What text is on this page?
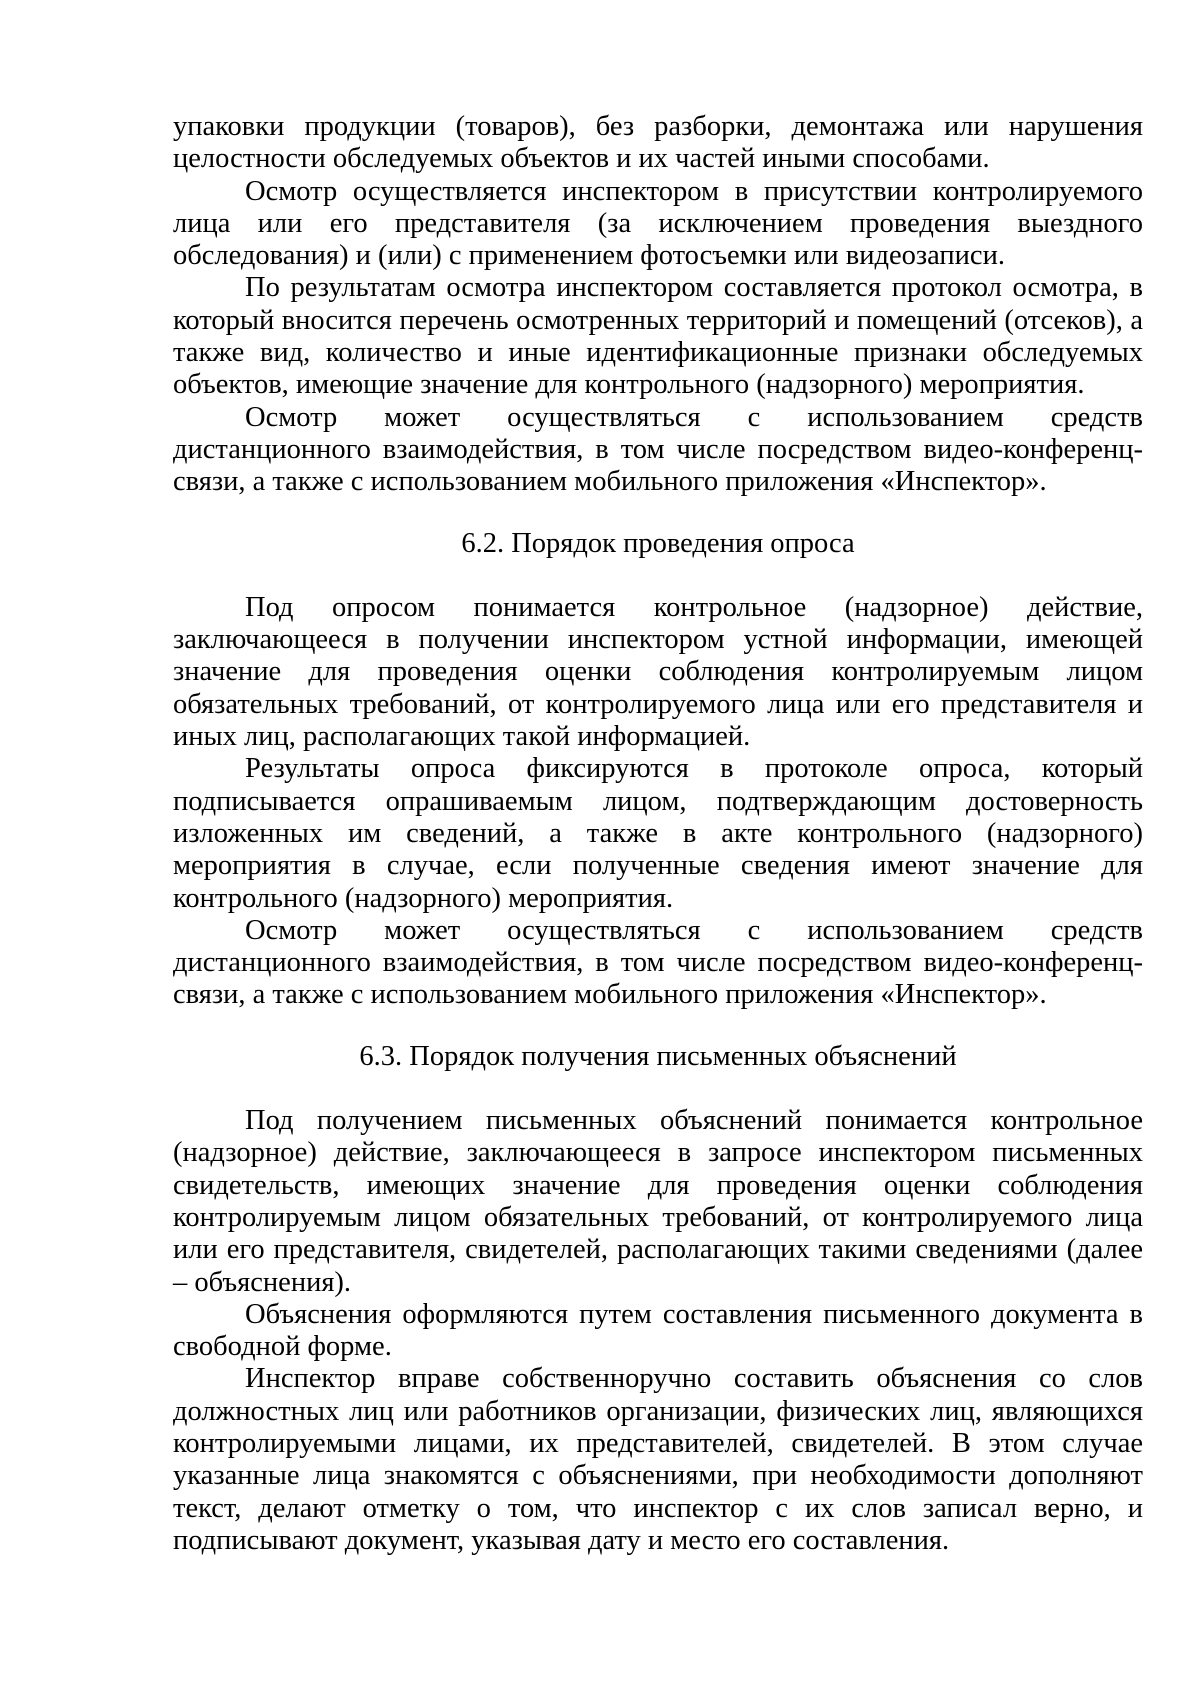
упаковки продукции (товаров), без разборки, демонтажа или нарушения целостности обследуемых объектов и их частей иными способами.

Осмотр осуществляется инспектором в присутствии контролируемого лица или его представителя (за исключением проведения выездного обследования) и (или) с применением фотосъемки или видеозаписи.

По результатам осмотра инспектором составляется протокол осмотра, в который вносится перечень осмотренных территорий и помещений (отсеков), а также вид, количество и иные идентификационные признаки обследуемых объектов, имеющие значение для контрольного (надзорного) мероприятия.

Осмотр может осуществляться с использованием средств дистанционного взаимодействия, в том числе посредством видео-конференц-связи, а также с использованием мобильного приложения «Инспектор».

6.2. Порядок проведения опроса

Под опросом понимается контрольное (надзорное) действие, заключающееся в получении инспектором устной информации, имеющей значение для проведения оценки соблюдения контролируемым лицом обязательных требований, от контролируемого лица или его представителя и иных лиц, располагающих такой информацией.

Результаты опроса фиксируются в протоколе опроса, который подписывается опрашиваемым лицом, подтверждающим достоверность изложенных им сведений, а также в акте контрольного (надзорного) мероприятия в случае, если полученные сведения имеют значение для контрольного (надзорного) мероприятия.

Осмотр может осуществляться с использованием средств дистанционного взаимодействия, в том числе посредством видео-конференц-связи, а также с использованием мобильного приложения «Инспектор».

6.3. Порядок получения письменных объяснений

Под получением письменных объяснений понимается контрольное (надзорное) действие, заключающееся в запросе инспектором письменных свидетельств, имеющих значение для проведения оценки соблюдения контролируемым лицом обязательных требований, от контролируемого лица или его представителя, свидетелей, располагающих такими сведениями (далее – объяснения).

Объяснения оформляются путем составления письменного документа в свободной форме.

Инспектор вправе собственноручно составить объяснения со слов должностных лиц или работников организации, физических лиц, являющихся контролируемыми лицами, их представителей, свидетелей. В этом случае указанные лица знакомятся с объяснениями, при необходимости дополняют текст, делают отметку о том, что инспектор с их слов записал верно, и подписывают документ, указывая дату и место его составления.
